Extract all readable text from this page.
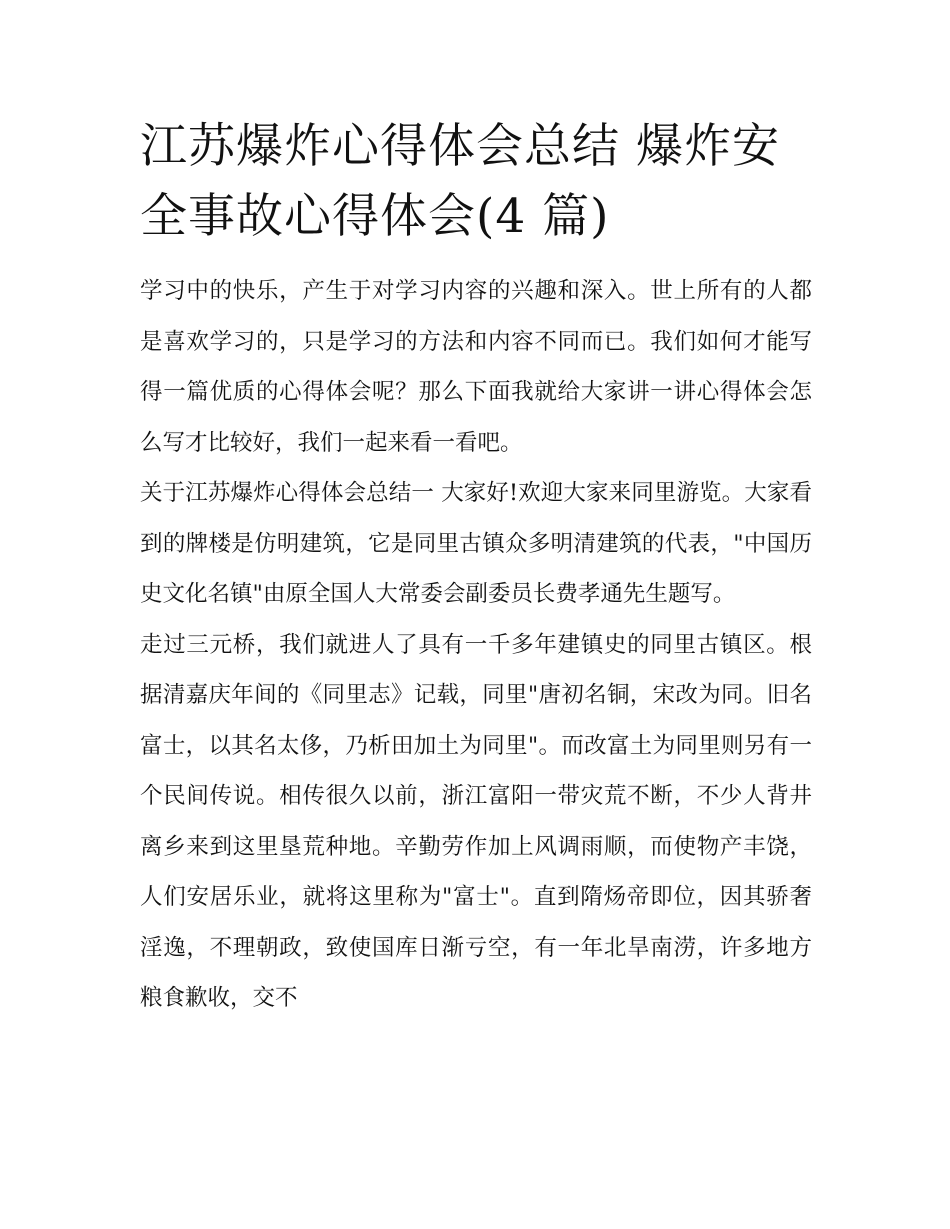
江苏爆炸心得体会总结 爆炸安全事故心得体会(4 篇)

学习中的快乐，产生于对学习内容的兴趣和深入。世上所有的人都是喜欢学习的，只是学习的方法和内容不同而已。我们如何才能写得一篇优质的心得体会呢？那么下面我就给大家讲一讲心得体会怎么写才比较好，我们一起来看一看吧。

关于江苏爆炸心得体会总结一 大家好!欢迎大家来同里游览。大家看到的牌楼是仿明建筑，它是同里古镇众多明清建筑的代表，"中国历史文化名镇"由原全国人大常委会副委员长费孝通先生题写。

走过三元桥，我们就进人了具有一千多年建镇史的同里古镇区。根据清嘉庆年间的《同里志》记载，同里"唐初名铜，宋改为同。旧名富士，以其名太侈，乃析田加土为同里"。而改富土为同里则另有一个民间传说。相传很久以前，浙江富阳一带灾荒不断，不少人背井离乡来到这里垦荒种地。辛勤劳作加上风调雨顺，而使物产丰饶，人们安居乐业，就将这里称为"富士"。直到隋炀帝即位，因其骄奢淫逸，不理朝政，致使国库日渐亏空，有一年北旱南涝，许多地方粮食歉收，交不
